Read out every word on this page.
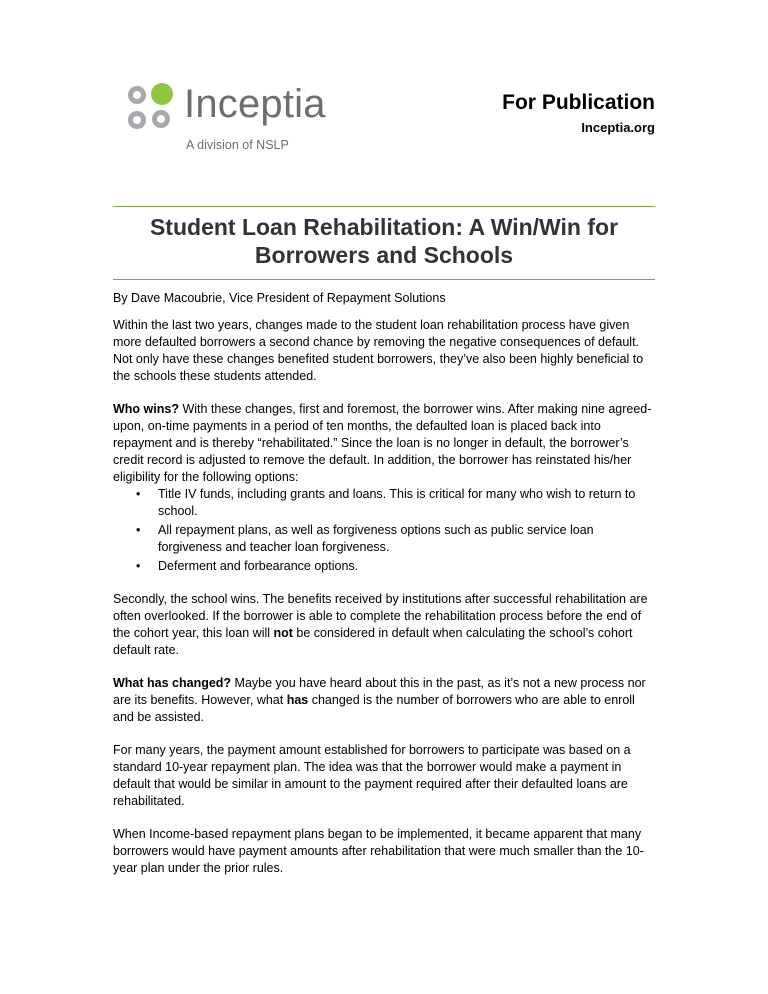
Inceptia
A division of NSLP
For Publication
Inceptia.org
Student Loan Rehabilitation: A Win/Win for Borrowers and Schools

By Dave Macoubrie, Vice President of Repayment Solutions

Within the last two years, changes made to the student loan rehabilitation process have given more defaulted borrowers a second chance by removing the negative consequences of default. Not only have these changes benefited student borrowers, they’ve also been highly beneficial to the schools these students attended.

Who wins? With these changes, first and foremost, the borrower wins. After making nine agreed-upon, on-time payments in a period of ten months, the defaulted loan is placed back into repayment and is thereby “rehabilitated.” Since the loan is no longer in default, the borrower’s credit record is adjusted to remove the default. In addition, the borrower has reinstated his/her eligibility for the following options:

• Title IV funds, including grants and loans. This is critical for many who wish to return to school.
• All repayment plans, as well as forgiveness options such as public service loan forgiveness and teacher loan forgiveness.
• Deferment and forbearance options.

Secondly, the school wins. The benefits received by institutions after successful rehabilitation are often overlooked. If the borrower is able to complete the rehabilitation process before the end of the cohort year, this loan will not be considered in default when calculating the school’s cohort default rate.

What has changed? Maybe you have heard about this in the past, as it’s not a new process nor are its benefits. However, what has changed is the number of borrowers who are able to enroll and be assisted.

For many years, the payment amount established for borrowers to participate was based on a standard 10-year repayment plan. The idea was that the borrower would make a payment in default that would be similar in amount to the payment required after their defaulted loans are rehabilitated.

When Income-based repayment plans began to be implemented, it became apparent that many borrowers would have payment amounts after rehabilitation that were much smaller than the 10-year plan under the prior rules.
